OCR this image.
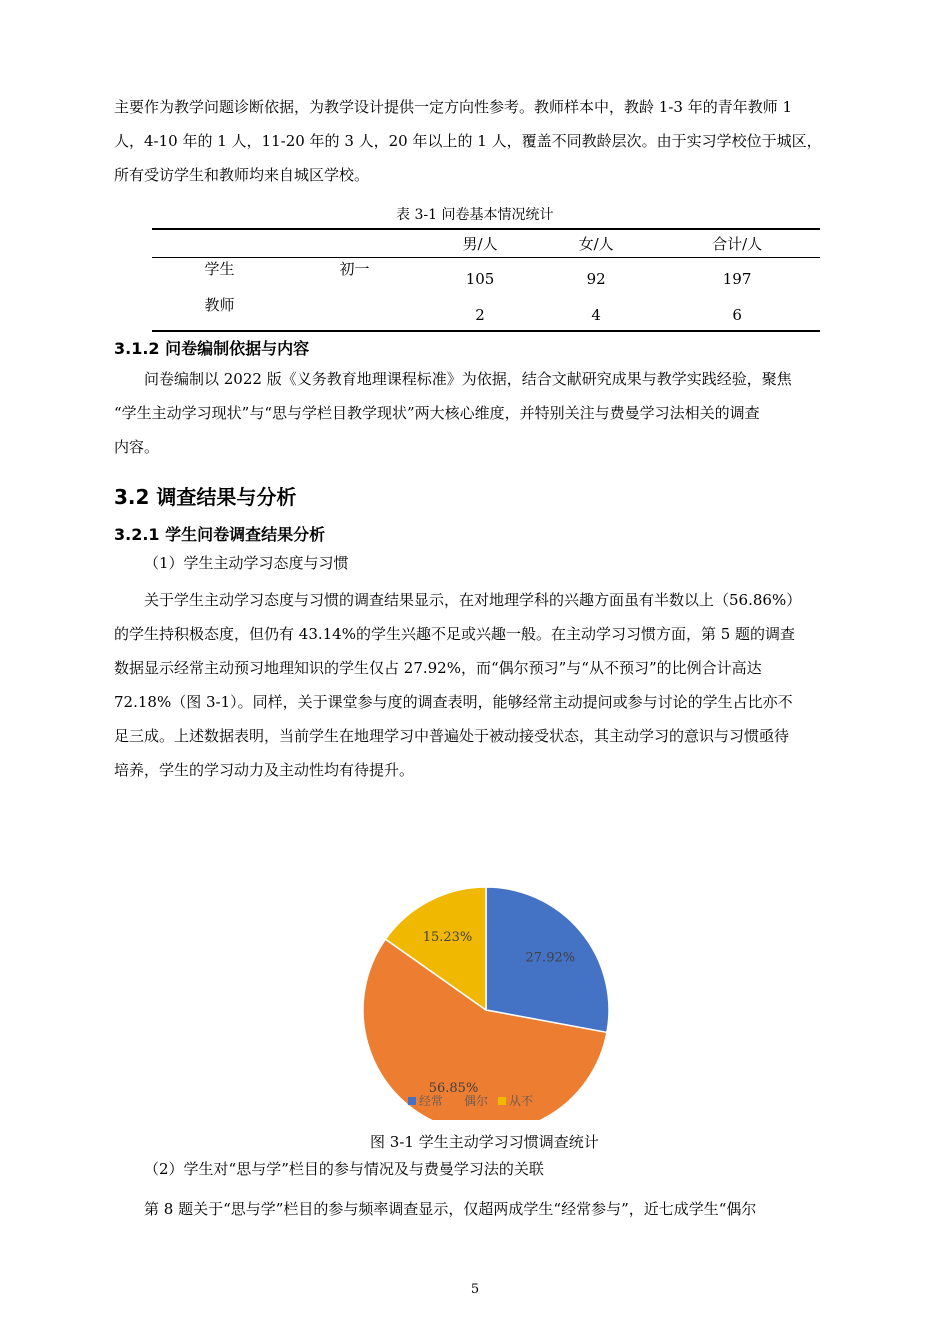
主要作为教学问题诊断依据，为教学设计提供一定方向性参考。教师样本中，教龄 1-3 年的青年教师 1
人，4-10 年的 1 人，11-20 年的 3 人，20 年以上的 1 人，覆盖不同教龄层次。由于实习学校位于城区，
所有受访学生和教师均来自城区学校。

表 3-1 问卷基本情况统计

		男/人	女/人	合计/人
学生	初一	105	92	197
教师		2	4	6
3.1.2 问卷编制依据与内容

问卷编制以 2022 版《义务教育地理课程标准》为依据，结合文献研究成果与教学实践经验，聚焦
“学生主动学习现状”与“思与学栏目教学现状”两大核心维度，并特别关注与费曼学习法相关的调查
内容。

3.2 调查结果与分析
3.2.1 学生问卷调查结果分析

（1）学生主动学习态度与习惯

关于学生主动学习态度与习惯的调查结果显示，在对地理学科的兴趣方面虽有半数以上（56.86%）
的学生持积极态度，但仍有 43.14%的学生兴趣不足或兴趣一般。在主动学习习惯方面，第 5 题的调查
数据显示经常主动预习地理知识的学生仅占 27.92%，而“偶尔预习”与“从不预习”的比例合计高达
72.18%（图 3-1）。同样，关于课堂参与度的调查表明，能够经常主动提问或参与讨论的学生占比亦不
足三成。上述数据表明，当前学生在地理学习中普遍处于被动接受状态，其主动学习的意识与习惯亟待
培养，学生的学习动力及主动性均有待提升。

27.92%
56.85%
15.23%
经常 偶尔 从不

图 3-1 学生主动学习习惯调查统计

（2）学生对“思与学”栏目的参与情况及与费曼学习法的关联

第 8 题关于“思与学”栏目的参与频率调查显示，仅超两成学生“经常参与”，近七成学生“偶尔

5
